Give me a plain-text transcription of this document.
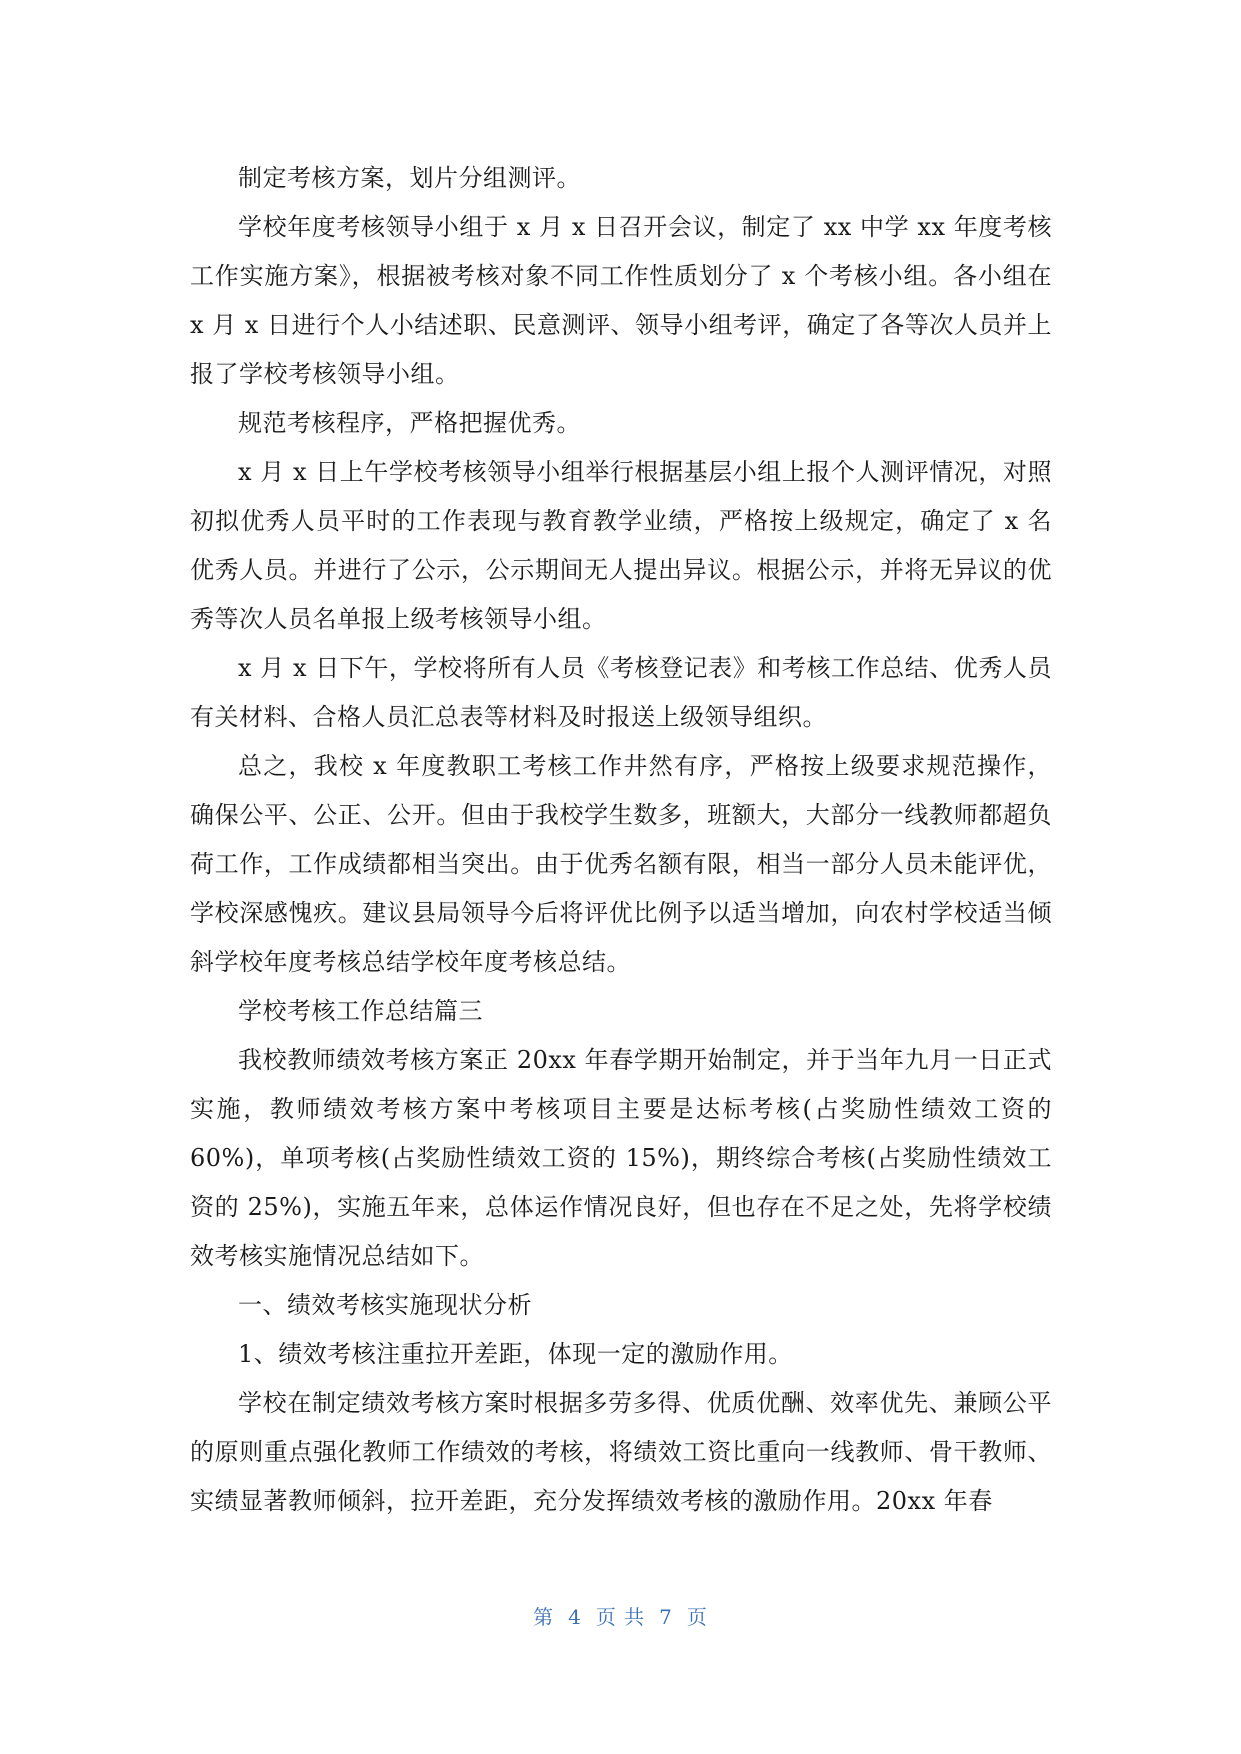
制定考核方案，划片分组测评。

学校年度考核领导小组于 x 月 x 日召开会议，制定了 xx 中学 xx 年度考核工作实施方案》，根据被考核对象不同工作性质划分了 x 个考核小组。各小组在 x 月 x 日进行个人小结述职、民意测评、领导小组考评，确定了各等次人员并上报了学校考核领导小组。

规范考核程序，严格把握优秀。

x 月 x 日上午学校考核领导小组举行根据基层小组上报个人测评情况，对照初拟优秀人员平时的工作表现与教育教学业绩，严格按上级规定，确定了 x 名优秀人员。并进行了公示，公示期间无人提出异议。根据公示，并将无异议的优秀等次人员名单报上级考核领导小组。

x 月 x 日下午，学校将所有人员《考核登记表》和考核工作总结、优秀人员有关材料、合格人员汇总表等材料及时报送上级领导组织。

总之，我校 x 年度教职工考核工作井然有序，严格按上级要求规范操作，确保公平、公正、公开。但由于我校学生数多，班额大，大部分一线教师都超负荷工作，工作成绩都相当突出。由于优秀名额有限，相当一部分人员未能评优，学校深感愧疚。建议县局领导今后将评优比例予以适当增加，向农村学校适当倾斜学校年度考核总结学校年度考核总结。

学校考核工作总结篇三

我校教师绩效考核方案正 20xx 年春学期开始制定，并于当年九月一日正式实施，教师绩效考核方案中考核项目主要是达标考核(占奖励性绩效工资的60%)，单项考核(占奖励性绩效工资的 15%)，期终综合考核(占奖励性绩效工资的 25%)，实施五年来，总体运作情况良好，但也存在不足之处，先将学校绩效考核实施情况总结如下。

一、绩效考核实施现状分析

1、绩效考核注重拉开差距，体现一定的激励作用。

学校在制定绩效考核方案时根据多劳多得、优质优酬、效率优先、兼顾公平的原则重点强化教师工作绩效的考核，将绩效工资比重向一线教师、骨干教师、实绩显著教师倾斜，拉开差距，充分发挥绩效考核的激励作用。20xx 年春

第 4 页 共 7 页
